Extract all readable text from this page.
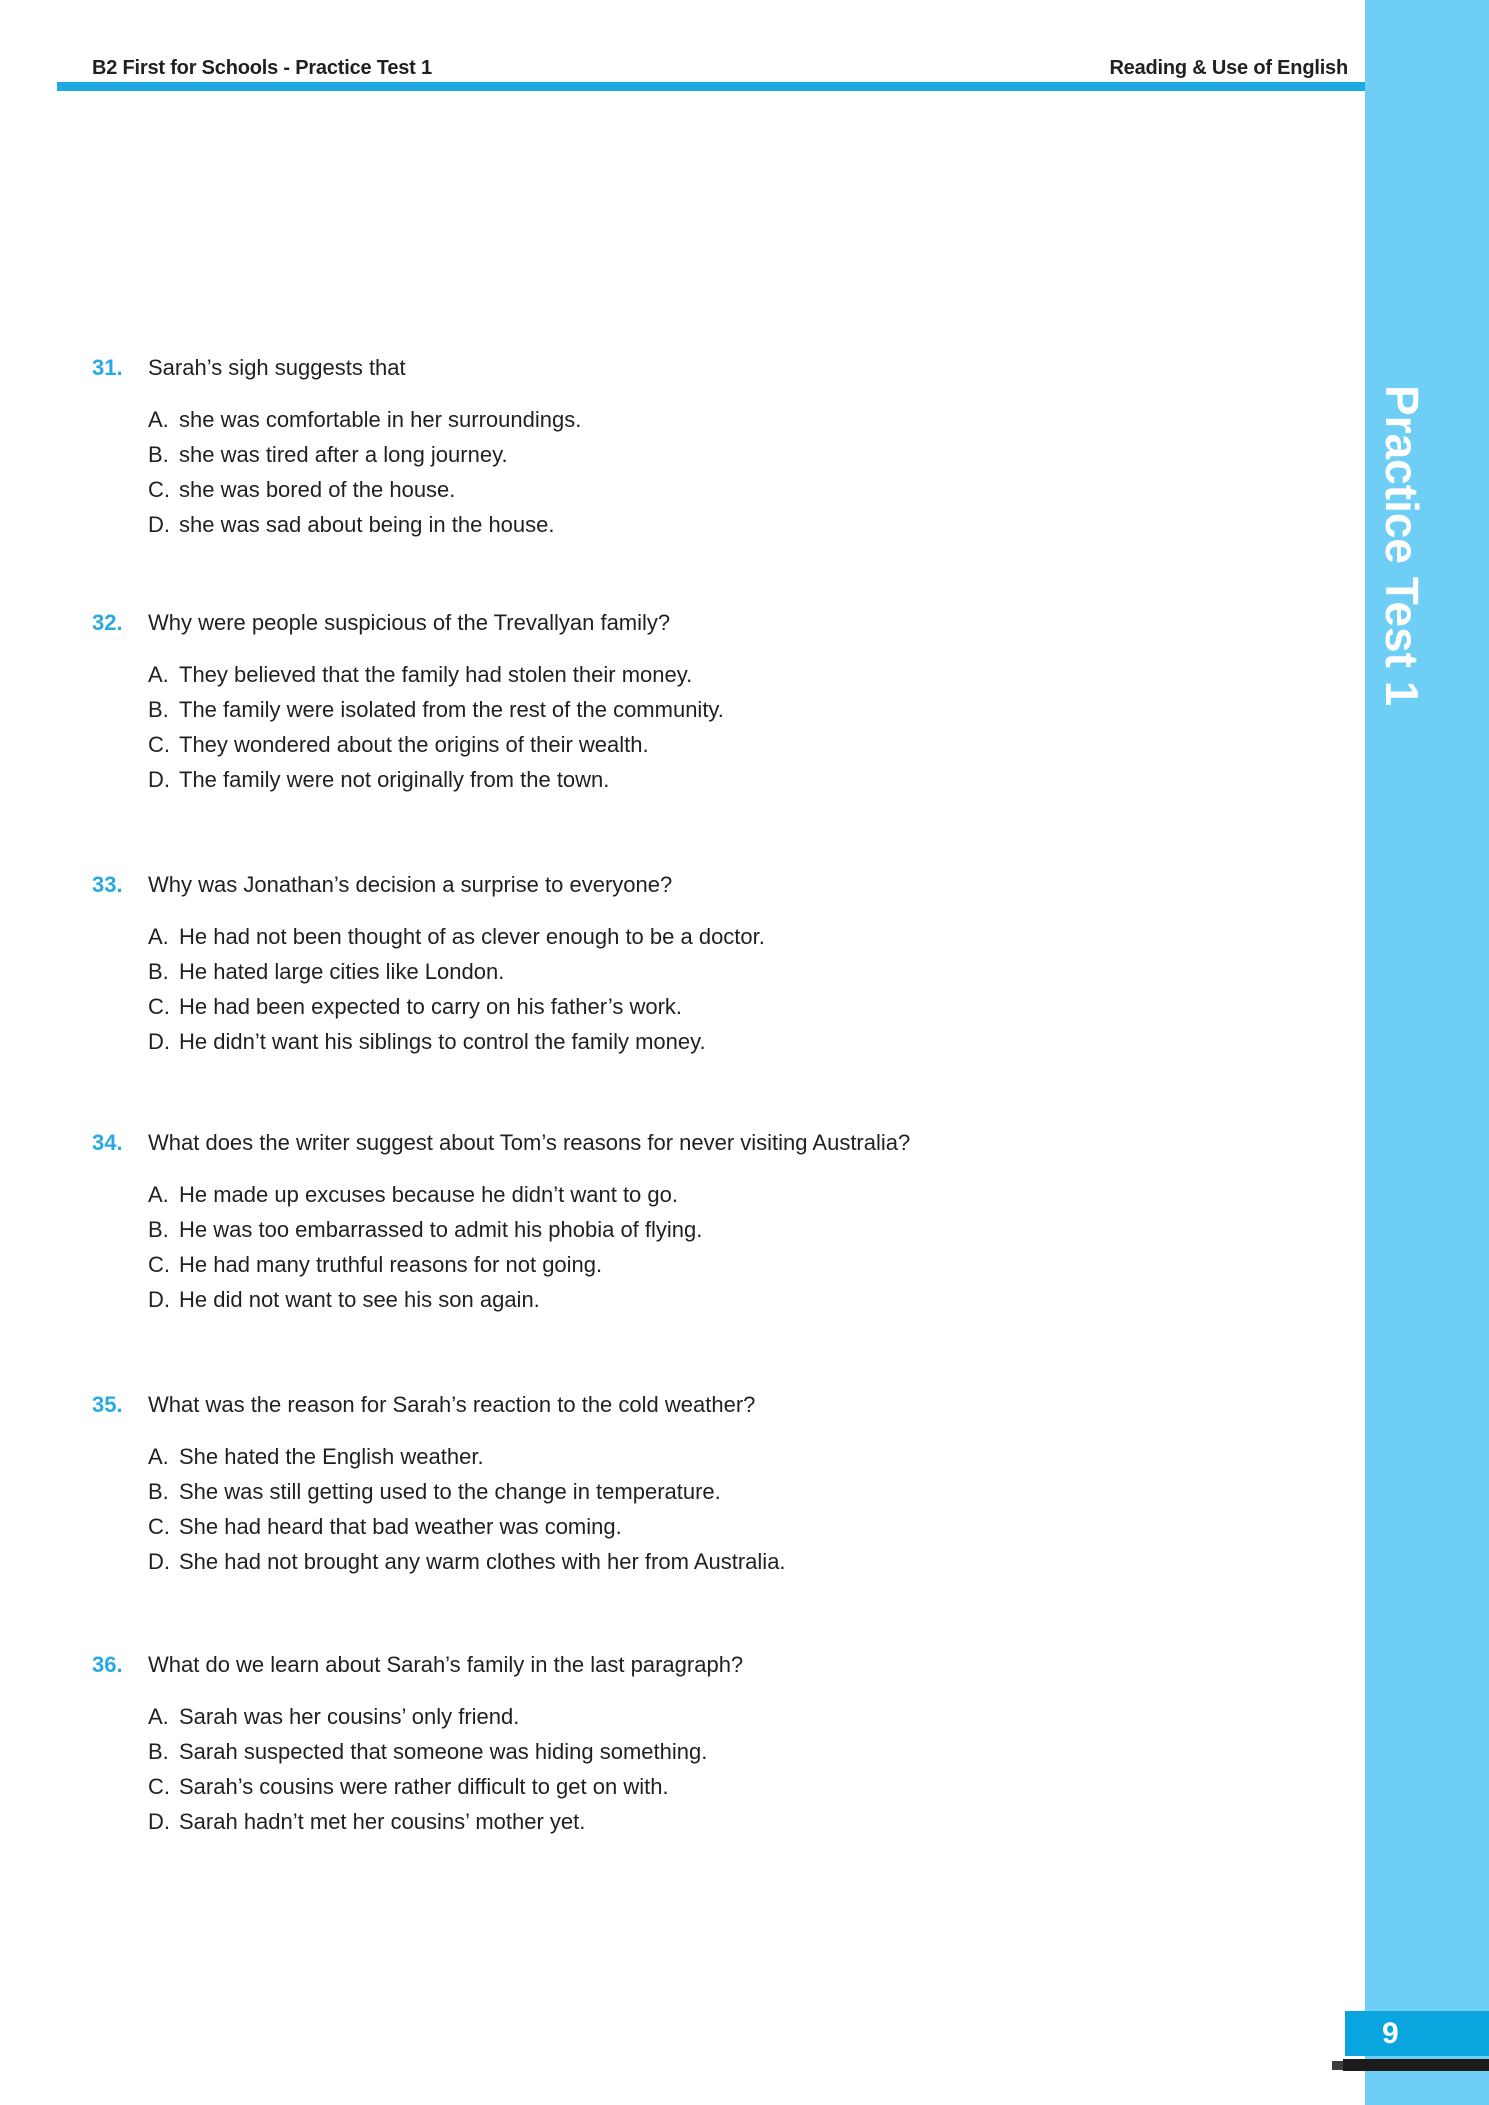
Practice Test 1
B2 First for Schools - Practice Test 1	Reading & Use of English
31.	Sarah’s sigh suggests that
A. she was comfortable in her surroundings.
B. she was tired after a long journey.
C. she was bored of the house.
D. she was sad about being in the house.
32.	Why were people suspicious of the Trevallyan family?
A. They believed that the family had stolen their money.
B. The family were isolated from the rest of the community.
C. They wondered about the origins of their wealth.
D. The family were not originally from the town.
33.	Why was Jonathan’s decision a surprise to everyone?
A. He had not been thought of as clever enough to be a doctor.
B. He hated large cities like London.
C. He had been expected to carry on his father’s work.
D. He didn’t want his siblings to control the family money.
34.	What does the writer suggest about Tom’s reasons for never visiting Australia?
A. He made up excuses because he didn’t want to go.
B. He was too embarrassed to admit his phobia of flying.
C. He had many truthful reasons for not going.
D. He did not want to see his son again.
35.	What was the reason for Sarah’s reaction to the cold weather?
A. She hated the English weather.
B. She was still getting used to the change in temperature.
C. She had heard that bad weather was coming.
D. She had not brought any warm clothes with her from Australia.
36.	What do we learn about Sarah’s family in the last paragraph?
A. Sarah was her cousins’ only friend.
B. Sarah suspected that someone was hiding something.
C. Sarah’s cousins were rather difficult to get on with.
D. Sarah hadn’t met her cousins’ mother yet.
9
